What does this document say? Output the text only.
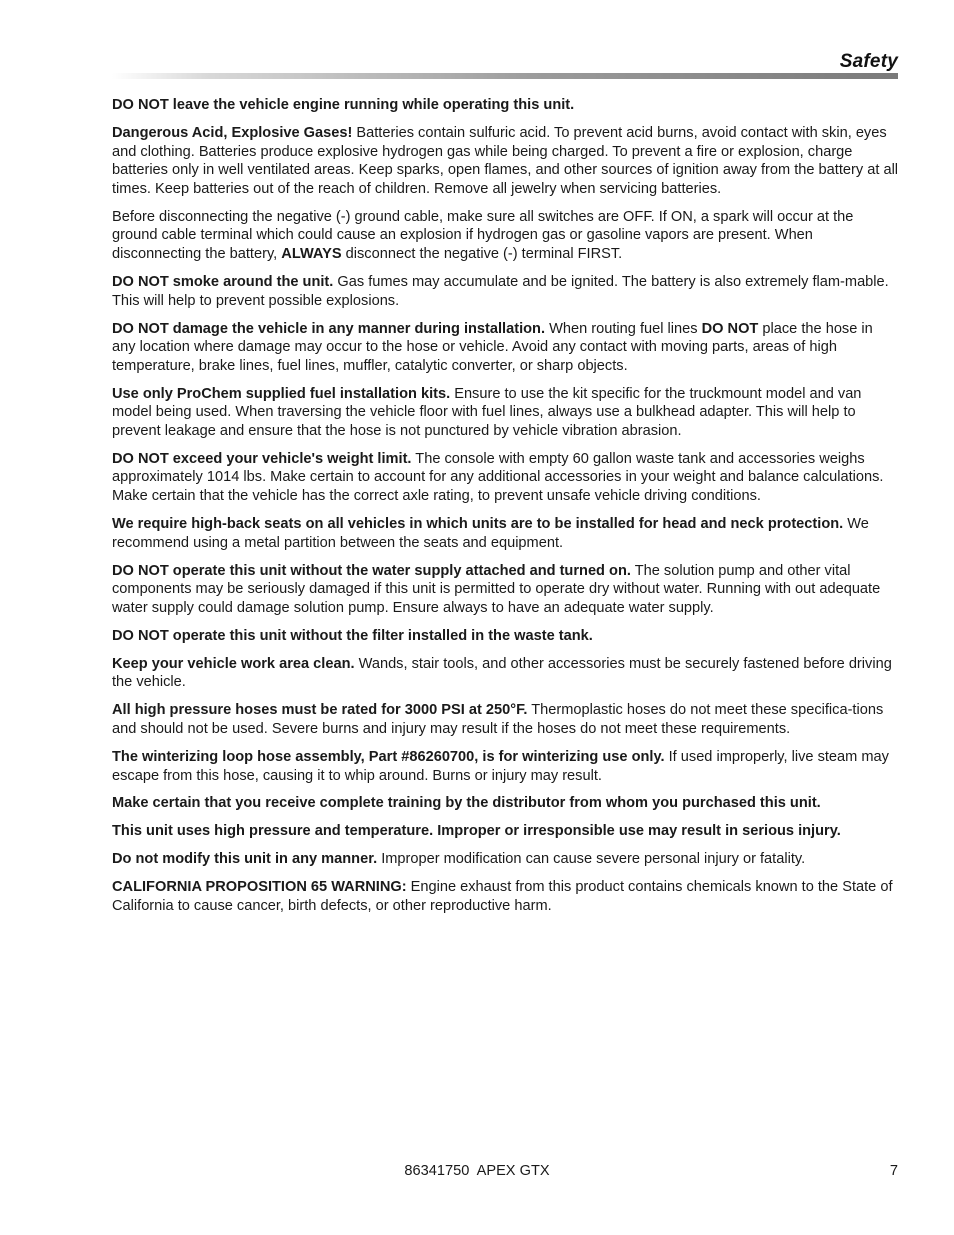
Safety

DO NOT leave the vehicle engine running while operating this unit.

Dangerous Acid, Explosive Gases! Batteries contain sulfuric acid. To prevent acid burns, avoid contact with skin, eyes and clothing. Batteries produce explosive hydrogen gas while being charged. To prevent a fire or explosion, charge batteries only in well ventilated areas. Keep sparks, open flames, and other sources of ignition away from the battery at all times. Keep batteries out of the reach of children. Remove all jewelry when servicing batteries.

Before disconnecting the negative (-) ground cable, make sure all switches are OFF. If ON, a spark will occur at the ground cable terminal which could cause an explosion if hydrogen gas or gasoline vapors are present. When disconnecting the battery, ALWAYS disconnect the negative (-) terminal FIRST.

DO NOT smoke around the unit. Gas fumes may accumulate and be ignited. The battery is also extremely flam-mable. This will help to prevent possible explosions.

DO NOT damage the vehicle in any manner during installation. When routing fuel lines DO NOT place the hose in any location where damage may occur to the hose or vehicle. Avoid any contact with moving parts, areas of high temperature, brake lines, fuel lines, muffler, catalytic converter, or sharp objects.

Use only ProChem supplied fuel installation kits. Ensure to use the kit specific for the truckmount model and van model being used. When traversing the vehicle floor with fuel lines, always use a bulkhead adapter. This will help to prevent leakage and ensure that the hose is not punctured by vehicle vibration abrasion.

DO NOT exceed your vehicle's weight limit. The console with empty 60 gallon waste tank and accessories weighs approximately 1014 lbs. Make certain to account for any additional accessories in your weight and balance calculations. Make certain that the vehicle has the correct axle rating, to prevent unsafe vehicle driving conditions.

We require high-back seats on all vehicles in which units are to be installed for head and neck protection. We recommend using a metal partition between the seats and equipment.

DO NOT operate this unit without the water supply attached and turned on. The solution pump and other vital components may be seriously damaged if this unit is permitted to operate dry without water. Running with out adequate water supply could damage solution pump. Ensure always to have an adequate water supply.

DO NOT operate this unit without the filter installed in the waste tank.

Keep your vehicle work area clean. Wands, stair tools, and other accessories must be securely fastened before driving the vehicle.

All high pressure hoses must be rated for 3000 PSI at 250°F. Thermoplastic hoses do not meet these specifica-tions and should not be used. Severe burns and injury may result if the hoses do not meet these requirements.

The winterizing loop hose assembly, Part #86260700, is for winterizing use only. If used improperly, live steam may escape from this hose, causing it to whip around. Burns or injury may result.

Make certain that you receive complete training by the distributor from whom you purchased this unit.

This unit uses high pressure and temperature. Improper or irresponsible use may result in serious injury.

Do not modify this unit in any manner. Improper modification can cause severe personal injury or fatality.

CALIFORNIA PROPOSITION 65 WARNING: Engine exhaust from this product contains chemicals known to the State of California to cause cancer, birth defects, or other reproductive harm.

86341750  APEX GTX	7
